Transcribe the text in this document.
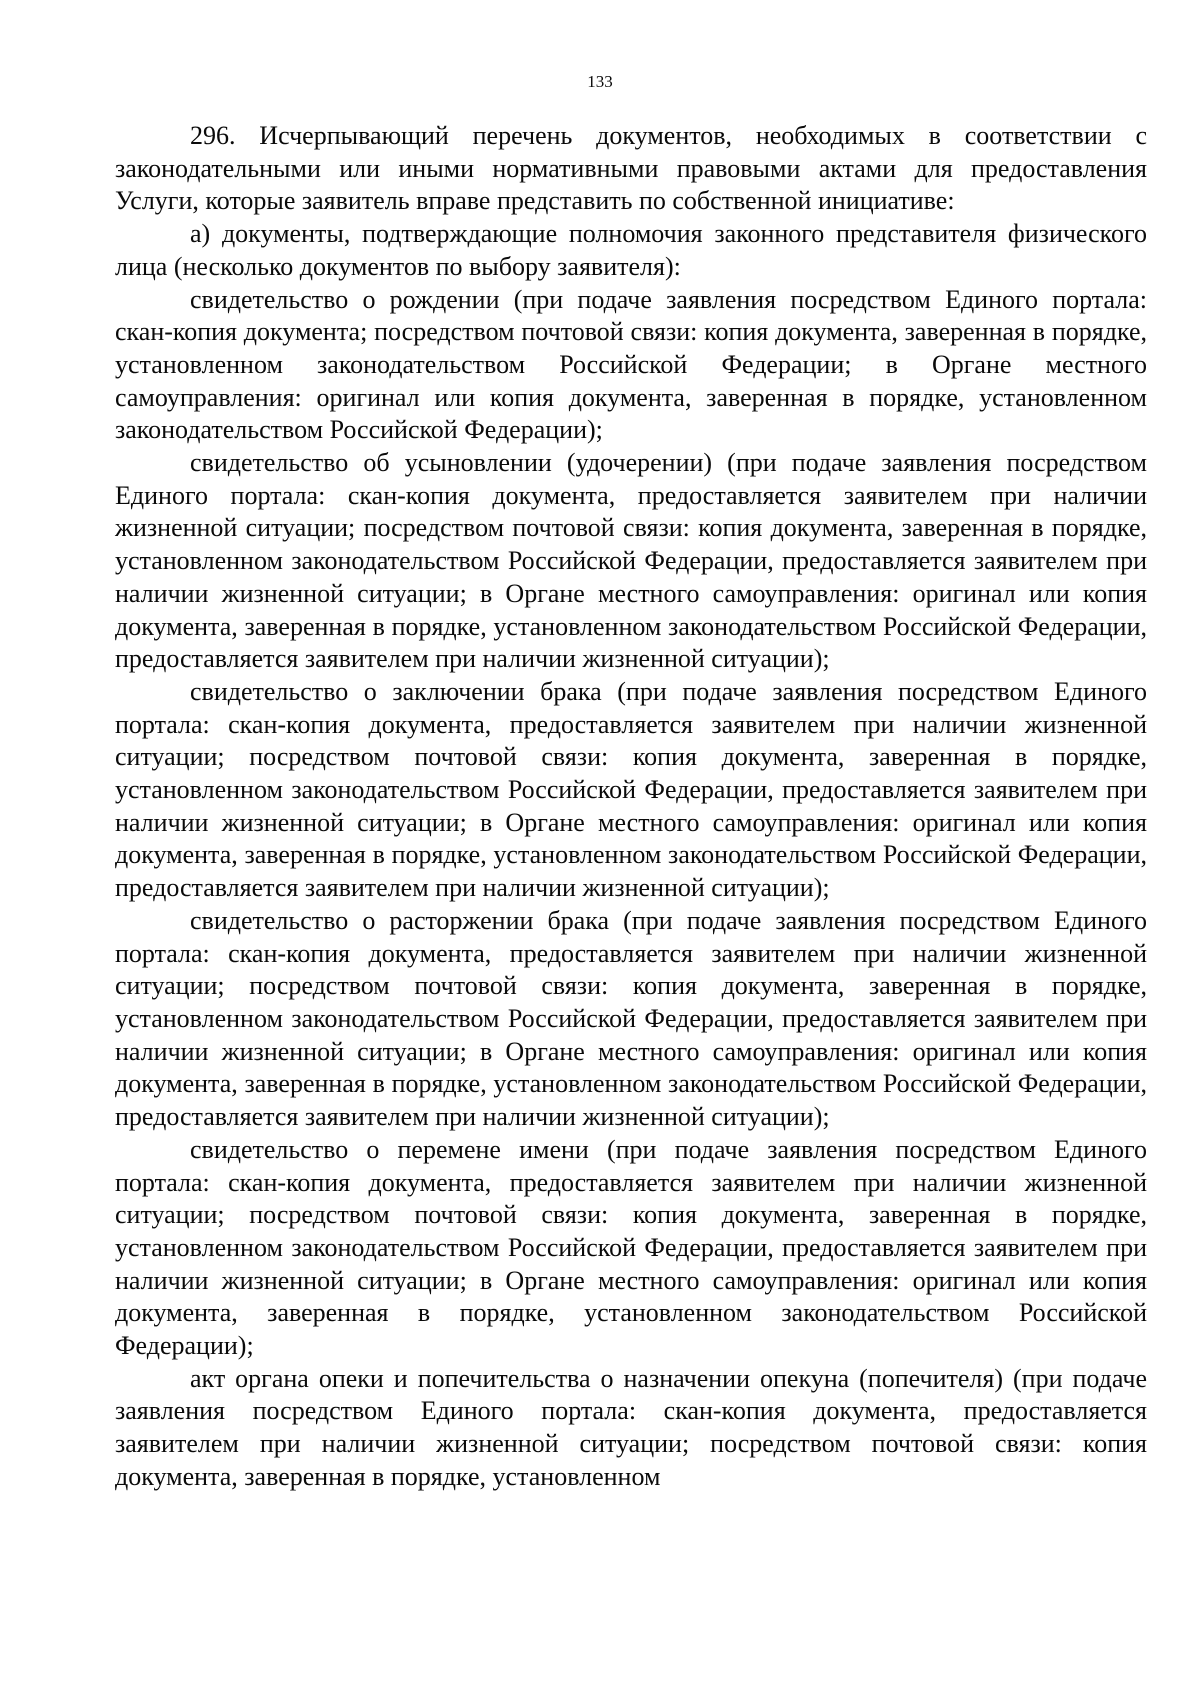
133

296. Исчерпывающий перечень документов, необходимых в соответствии с законодательными или иными нормативными правовыми актами для предоставления Услуги, которые заявитель вправе представить по собственной инициативе:

а) документы, подтверждающие полномочия законного представителя физического лица (несколько документов по выбору заявителя):

свидетельство о рождении (при подаче заявления посредством Единого портала: скан-копия документа; посредством почтовой связи: копия документа, заверенная в порядке, установленном законодательством Российской Федерации; в Органе местного самоуправления: оригинал или копия документа, заверенная в порядке, установленном законодательством Российской Федерации);

свидетельство об усыновлении (удочерении) (при подаче заявления посредством Единого портала: скан-копия документа, предоставляется заявителем при наличии жизненной ситуации; посредством почтовой связи: копия документа, заверенная в порядке, установленном законодательством Российской Федерации, предоставляется заявителем при наличии жизненной ситуации; в Органе местного самоуправления: оригинал или копия документа, заверенная в порядке, установленном законодательством Российской Федерации, предоставляется заявителем при наличии жизненной ситуации);

свидетельство о заключении брака (при подаче заявления посредством Единого портала: скан-копия документа, предоставляется заявителем при наличии жизненной ситуации; посредством почтовой связи: копия документа, заверенная в порядке, установленном законодательством Российской Федерации, предоставляется заявителем при наличии жизненной ситуации; в Органе местного самоуправления: оригинал или копия документа, заверенная в порядке, установленном законодательством Российской Федерации, предоставляется заявителем при наличии жизненной ситуации);

свидетельство о расторжении брака (при подаче заявления посредством Единого портала: скан-копия документа, предоставляется заявителем при наличии жизненной ситуации; посредством почтовой связи: копия документа, заверенная в порядке, установленном законодательством Российской Федерации, предоставляется заявителем при наличии жизненной ситуации; в Органе местного самоуправления: оригинал или копия документа, заверенная в порядке, установленном законодательством Российской Федерации, предоставляется заявителем при наличии жизненной ситуации);

свидетельство о перемене имени (при подаче заявления посредством Единого портала: скан-копия документа, предоставляется заявителем при наличии жизненной ситуации; посредством почтовой связи: копия документа, заверенная в порядке, установленном законодательством Российской Федерации, предоставляется заявителем при наличии жизненной ситуации; в Органе местного самоуправления: оригинал или копия документа, заверенная в порядке, установленном законодательством Российской Федерации);

акт органа опеки и попечительства о назначении опекуна (попечителя) (при подаче заявления посредством Единого портала: скан-копия документа, предоставляется заявителем при наличии жизненной ситуации; посредством почтовой связи: копия документа, заверенная в порядке, установленном
